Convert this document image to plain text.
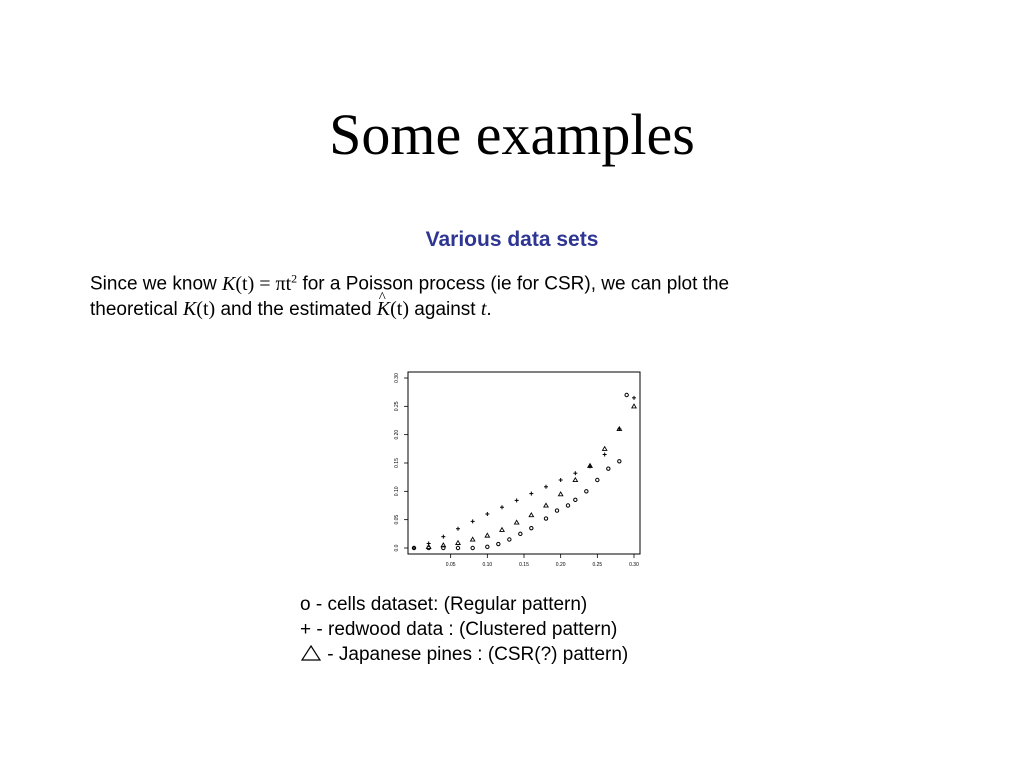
Some examples
Various data sets

Since we know $K(t) = \pi t^2$ for a Poisson process (ie for CSR), we can plot the
theoretical K(t) and the estimated ^ K(t) against t.

0.05	0.10	0.15	0.20	0.25	0.30
0.0
0.05
0.10
0.15
0.20
0.25
0.30
o - cells dataset: (Regular pattern)
+ - redwood data : (Clustered pattern)
- Japanese pines : (CSR(?) pattern)
